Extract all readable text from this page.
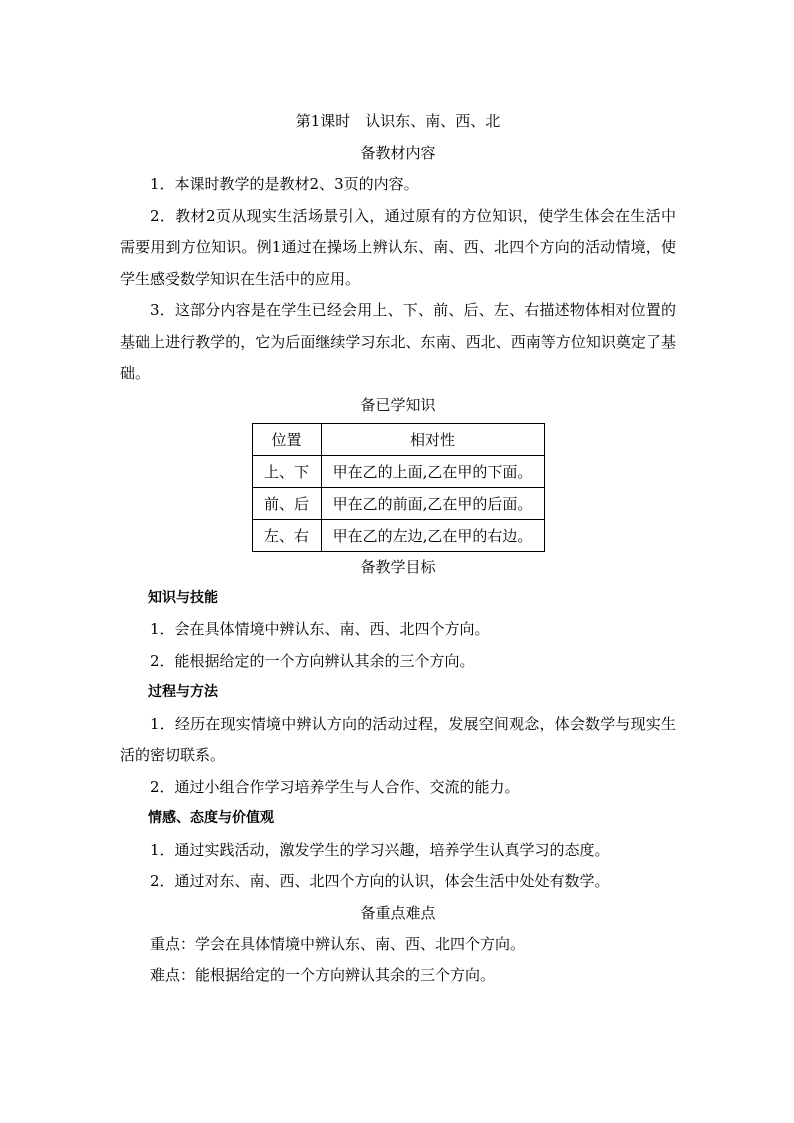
第1课时　认识东、南、西、北
备教材内容

1．本课时教学的是教材2、3页的内容。

2．教材2页从现实生活场景引入，通过原有的方位知识，使学生体会在生活中需要用到方位知识。例1通过在操场上辨认东、南、西、北四个方向的活动情境，使学生感受数学知识在生活中的应用。

3．这部分内容是在学生已经会用上、下、前、后、左、右描述物体相对位置的基础上进行教学的，它为后面继续学习东北、东南、西北、西南等方位知识奠定了基础。

备已学知识
位置	相对性
上、下	甲在乙的上面,乙在甲的下面。
前、后	甲在乙的前面,乙在甲的后面。
左、右	甲在乙的左边,乙在甲的右边。
备教学目标
知识与技能

1．会在具体情境中辨认东、南、西、北四个方向。

2．能根据给定的一个方向辨认其余的三个方向。

过程与方法

1．经历在现实情境中辨认方向的活动过程，发展空间观念，体会数学与现实生活的密切联系。

2．通过小组合作学习培养学生与人合作、交流的能力。

情感、态度与价值观

1．通过实践活动，激发学生的学习兴趣，培养学生认真学习的态度。

2．通过对东、南、西、北四个方向的认识，体会生活中处处有数学。

备重点难点

重点：学会在具体情境中辨认东、南、西、北四个方向。

难点：能根据给定的一个方向辨认其余的三个方向。
